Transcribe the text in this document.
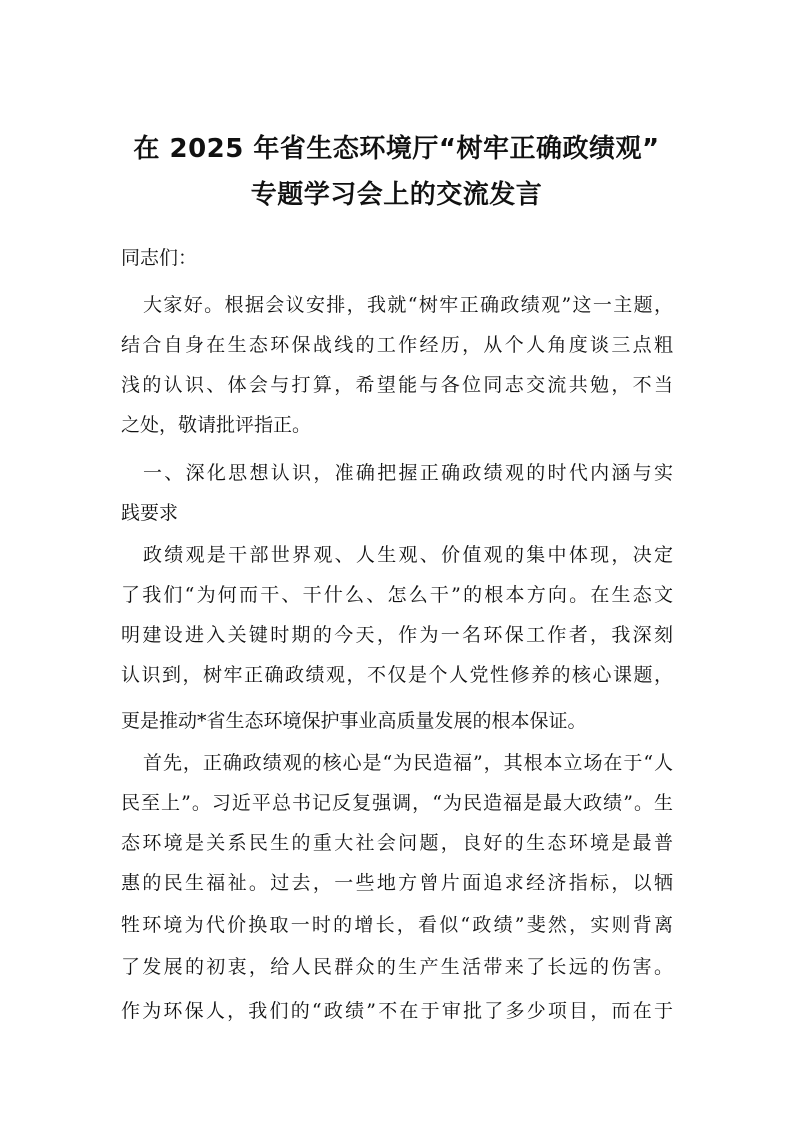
在 2025 年省生态环境厅“树牢正确政绩观”
专题学习会上的交流发言
同志们：
大家好。根据会议安排，我就“树牢正确政绩观”这一主题，
结合自身在生态环保战线的工作经历，从个人角度谈三点粗
浅的认识、体会与打算，希望能与各位同志交流共勉，不当
之处，敬请批评指正。
一、深化思想认识，准确把握正确政绩观的时代内涵与实
践要求
政绩观是干部世界观、人生观、价值观的集中体现，决定
了我们“为何而干、干什么、怎么干”的根本方向。在生态文
明建设进入关键时期的今天，作为一名环保工作者，我深刻
认识到，树牢正确政绩观，不仅是个人党性修养的核心课题，
更是推动*省生态环境保护事业高质量发展的根本保证。
首先，正确政绩观的核心是“为民造福”，其根本立场在于“人
民至上”。习近平总书记反复强调，“为民造福是最大政绩”。生
态环境是关系民生的重大社会问题，良好的生态环境是最普
惠的民生福祉。过去，一些地方曾片面追求经济指标，以牺
牲环境为代价换取一时的增长，看似“政绩”斐然，实则背离
了发展的初衷，给人民群众的生产生活带来了长远的伤害。
作为环保人，我们的“政绩”不在于审批了多少项目，而在于
